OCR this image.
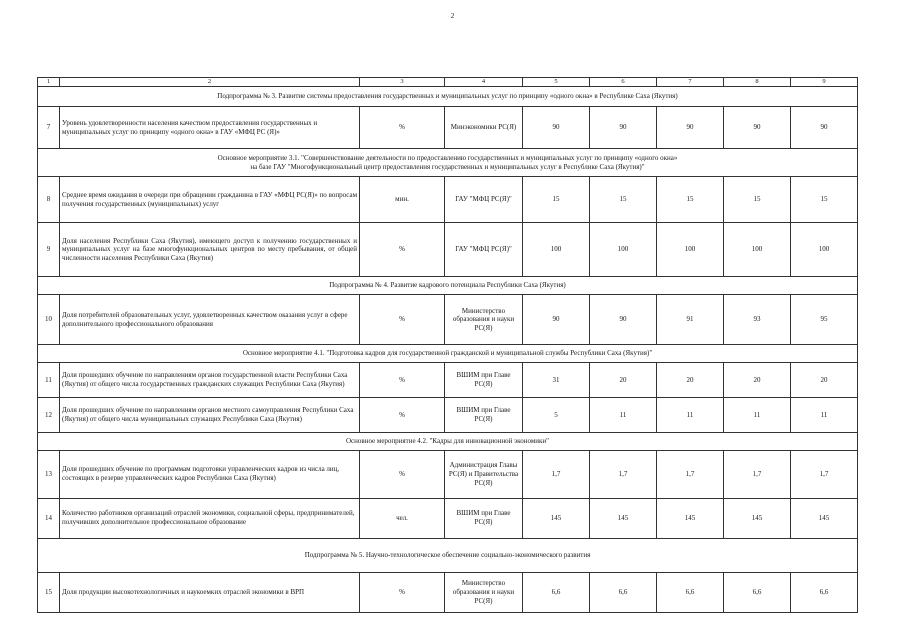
2
1	2	3	4	5	6	7	8	9
Подпрограмма № 3. Развитие системы предоставления государственных и муниципальных услуг по принципу «одного окна» в Республике Саха (Якутия)								
7	Уровень удовлетворенности населения качеством предоставления государственных и муниципальных услуг по принципу «одного окна» в ГАУ «МФЦ РС (Я)»	%	Минэкономики РС(Я)	90	90	90	90	90

Основное мероприятие 3.1. "Совершенствование деятельности по предоставлению государственных и муниципальных услуг по принципу «одного окна»
на базе ГАУ "Многофункциональный центр предоставления государственных и муниципальных услуг в Республике Саха (Якутия)"								

8	Среднее время ожидания в очереди при обращении гражданина в ГАУ «МФЦ РС(Я)» по вопросам получения государственных (муниципальных) услуг	мин.	ГАУ "МФЦ РС(Я)"	15	15	15	15	15
9	Доля населения Республики Саха (Якутия), имеющего доступ к получению государственных и муниципальных услуг на базе многофункциональных центров по месту пребывания, от общей численности населения Республики Саха (Якутия)	%	ГАУ "МФЦ РС(Я)"	100	100	100	100	100
Подпрограмма № 4. Развитие кадрового потенциала Республики Саха (Якутия)								
10	Доля потребителей образовательных услуг, удовлетворенных качеством оказания услуг в сфере дополнительного профессионального образования	%	Министерство образования и науки РС(Я)	90	90	91	93	95
Основное мероприятие 4.1. "Подготовка кадров для государственной гражданской и муниципальной службы Республики Саха (Якутия)"								
11	Доля прошедших обучение по направлениям органов государственной власти Республики Саха (Якутия) от общего числа государственных гражданских служащих Республики Саха (Якутия)	%	ВШИМ при Главе РС(Я)	31	20	20	20	20
12	Доля прошедших обучение по направлениям органов местного самоуправления Республики Саха (Якутия) от общего числа муниципальных служащих Республики Саха (Якутия)	%	ВШИМ при Главе РС(Я)	5	11	11	11	11
Основное мероприятие 4.2. "Кадры для инновационной экономики"								
13	Доля прошедших обучение по программам подготовки управленческих кадров из числа лиц, состоящих в резерве управленческих кадров Республики Саха (Якутия)	%	Администрация Главы РС(Я) и Правительства РС(Я)	1,7	1,7	1,7	1,7	1,7
14	Количество работников организаций отраслей экономики, социальной сферы, предпринимателей, получивших дополнительное профессиональное образование	чел.	ВШИМ при Главе РС(Я)	145	145	145	145	145
Подпрограмма № 5. Научно-технологическое обеспечение социально-экономического развития								
15	Доля продукции высокотехнологичных и наукоемких отраслей экономики в ВРП	%	Министерство образования и науки РС(Я)	6,6	6,6	6,6	6,6	6,6
